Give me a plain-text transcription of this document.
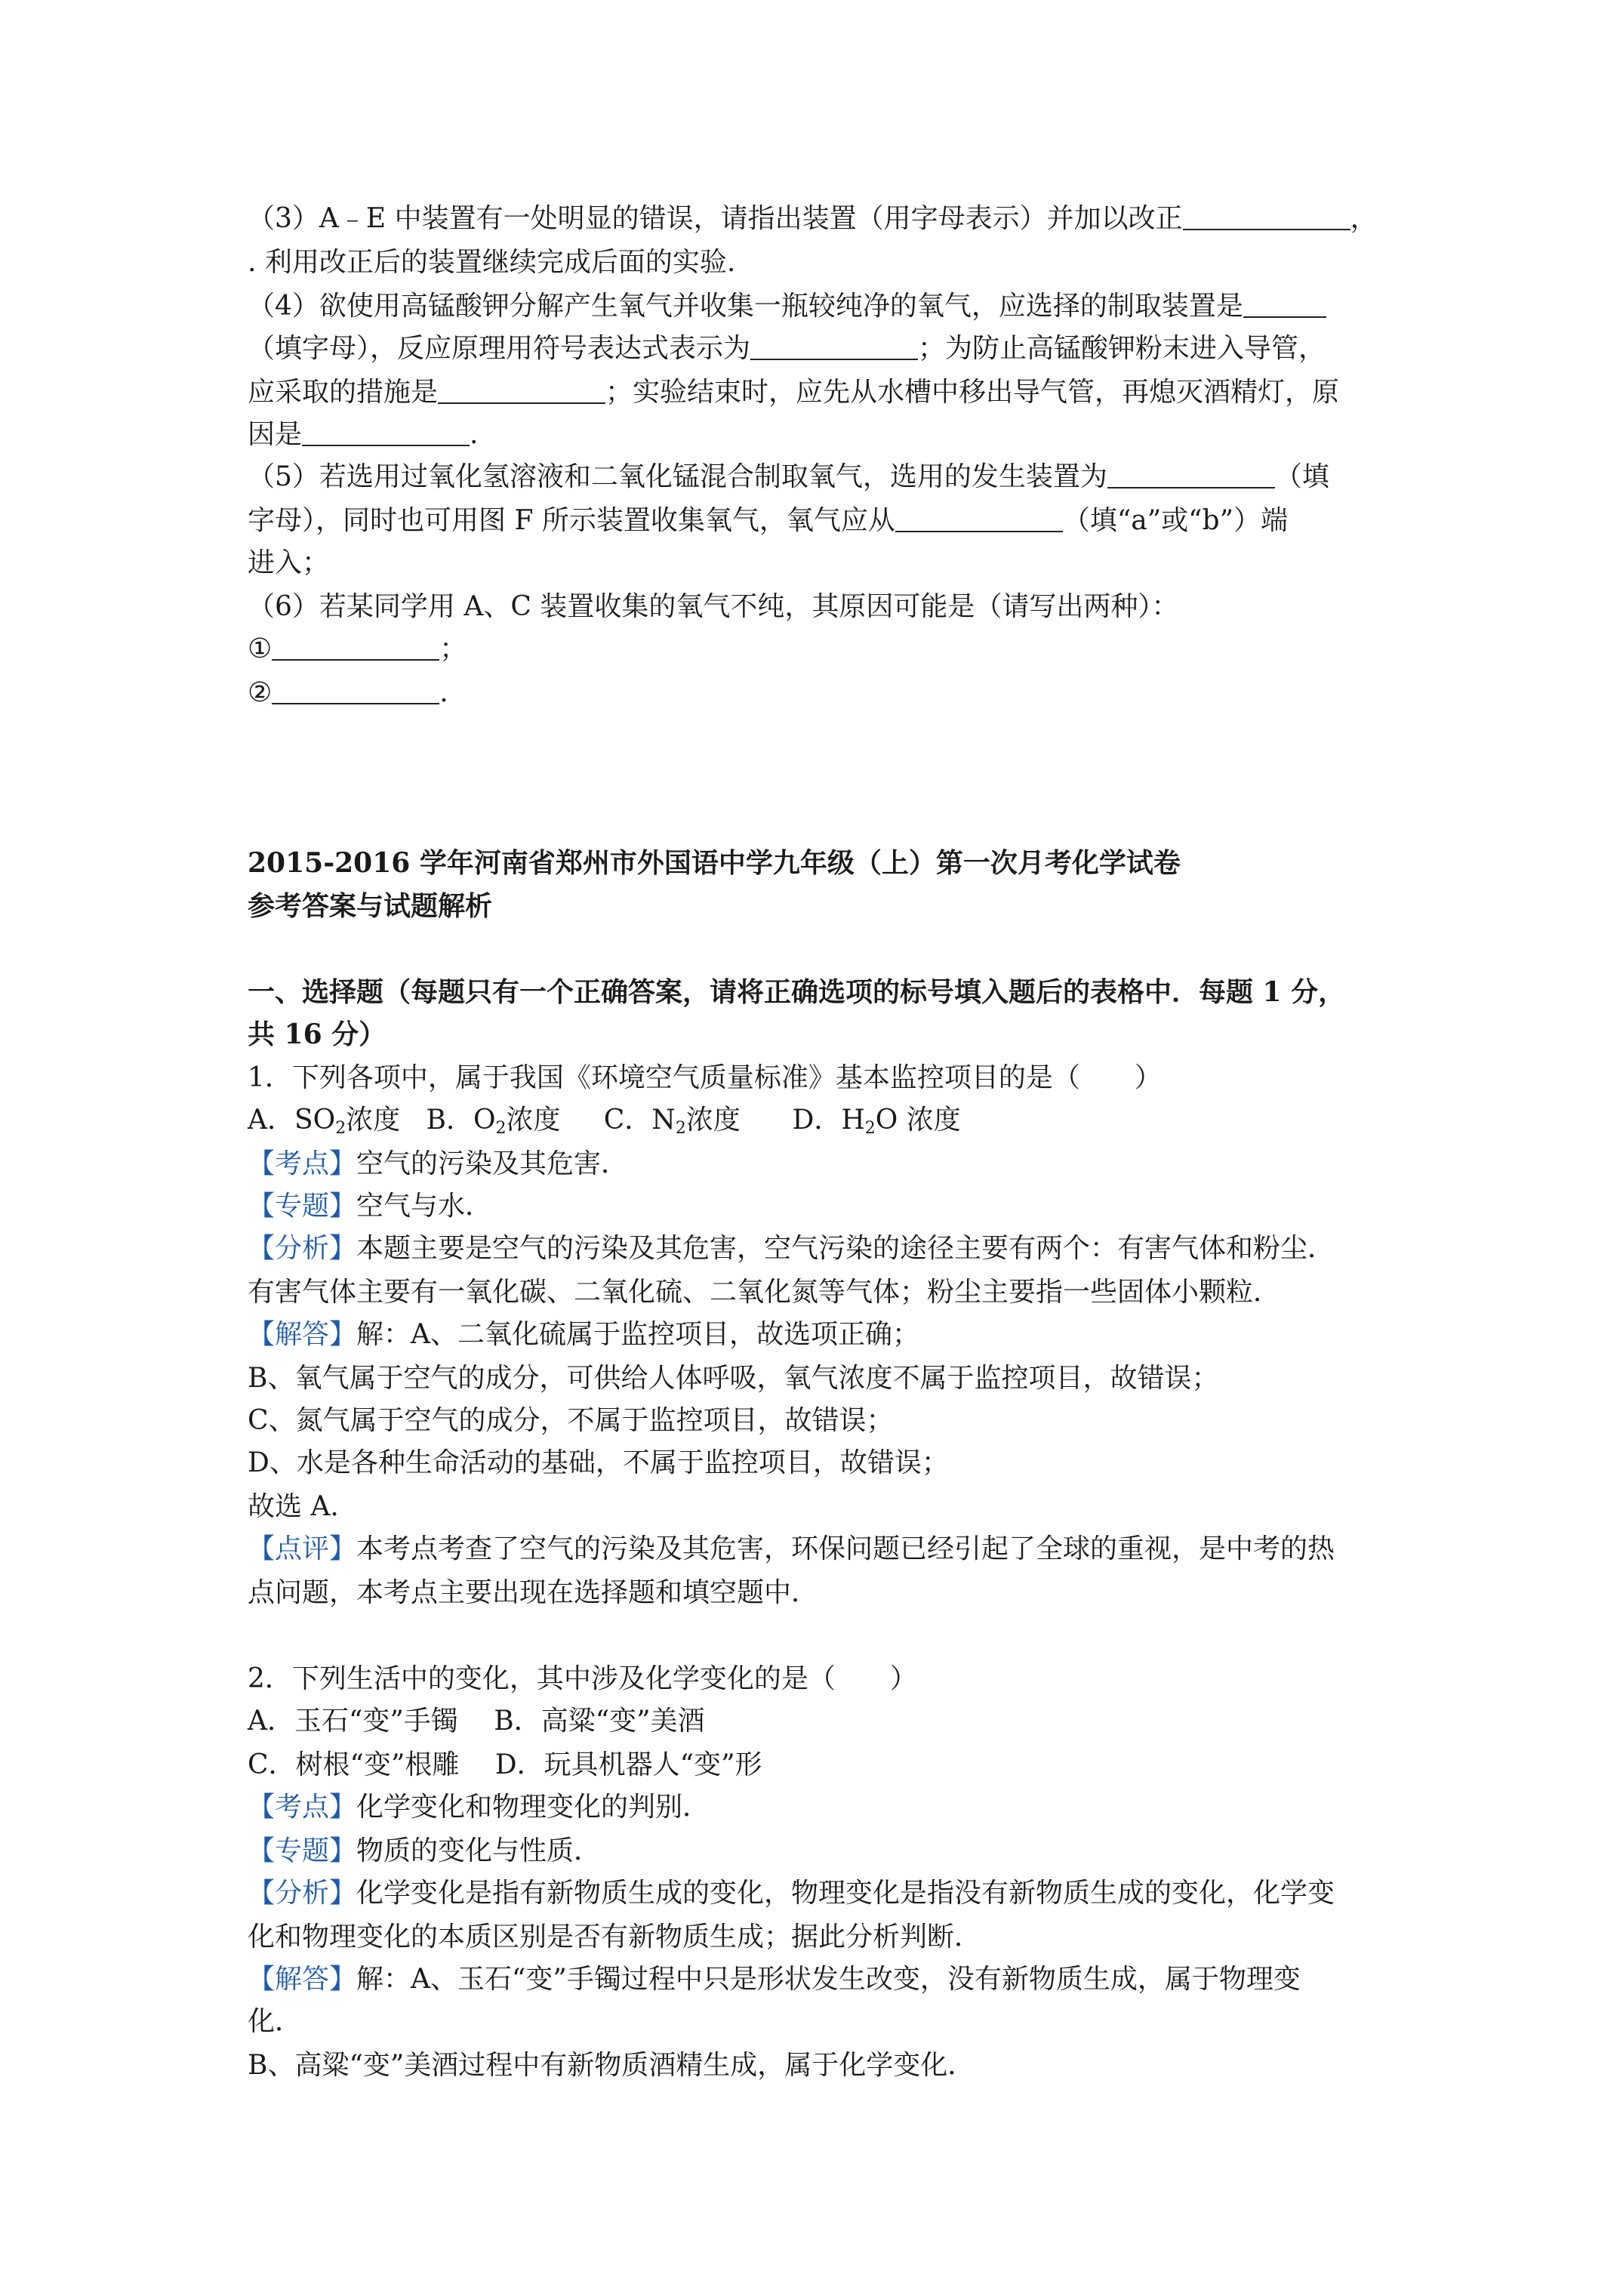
（3）A﹣E 中装置有一处明显的错误，请指出装置（用字母表示）并加以改正	，
. 利用改正后的装置继续完成后面的实验.
（4）欲使用高锰酸钾分解产生氧气并收集一瓶较纯净的氧气，应选择的制取装置是
（填字母），反应原理用符号表达式表示为	；为防止高锰酸钾粉末进入导管，
应采取的措施是	；实验结束时，应先从水槽中移出导气管，再熄灭酒精灯，原
因是	.
（5）若选用过氧化氢溶液和二氧化锰混合制取氧气，选用的发生装置为	（填
字母），同时也可用图 F 所示装置收集氧气，氧气应从	（填“a”或“b”）端
进入；
（6）若某同学用 A、C 装置收集的氧气不纯，其原因可能是（请写出两种）：
①	；
②	.
2015-2016 学年河南省郑州市外国语中学九年级（上）第一次月考化学试卷
参考答案与试题解析
一、选择题（每题只有一个正确答案，请将正确选项的标号填入题后的表格中．每题 1 分，
共 16 分）
1．下列各项中，属于我国《环境空气质量标准》基本监控项目的是（　　）
A．$SO_2$浓度 B．$O_2$浓度 C．$N_2$浓度 D．$H_2O$ 浓度
【考点】空气的污染及其危害．
【专题】空气与水．
【分析】本题主要是空气的污染及其危害，空气污染的途径主要有两个：有害气体和粉尘．
有害气体主要有一氧化碳、二氧化硫、二氧化氮等气体；粉尘主要指一些固体小颗粒．
【解答】解：A、二氧化硫属于监控项目，故选项正确；
B、氧气属于空气的成分，可供给人体呼吸，氧气浓度不属于监控项目，故错误；
C、氮气属于空气的成分，不属于监控项目，故错误；
D、水是各种生命活动的基础，不属于监控项目，故错误；
故选 A．
【点评】本考点考查了空气的污染及其危害，环保问题已经引起了全球的重视，是中考的热
点问题，本考点主要出现在选择题和填空题中．
2．下列生活中的变化，其中涉及化学变化的是（　　）
A．玉石“变”手镯　 B．高粱“变”美酒
C．树根“变”根雕　 D．玩具机器人“变”形
【考点】化学变化和物理变化的判别．
【专题】物质的变化与性质．
【分析】化学变化是指有新物质生成的变化，物理变化是指没有新物质生成的变化，化学变
化和物理变化的本质区别是否有新物质生成；据此分析判断．
【解答】解：A、玉石“变”手镯过程中只是形状发生改变，没有新物质生成，属于物理变
化．
B、高粱“变”美酒过程中有新物质酒精生成，属于化学变化．
